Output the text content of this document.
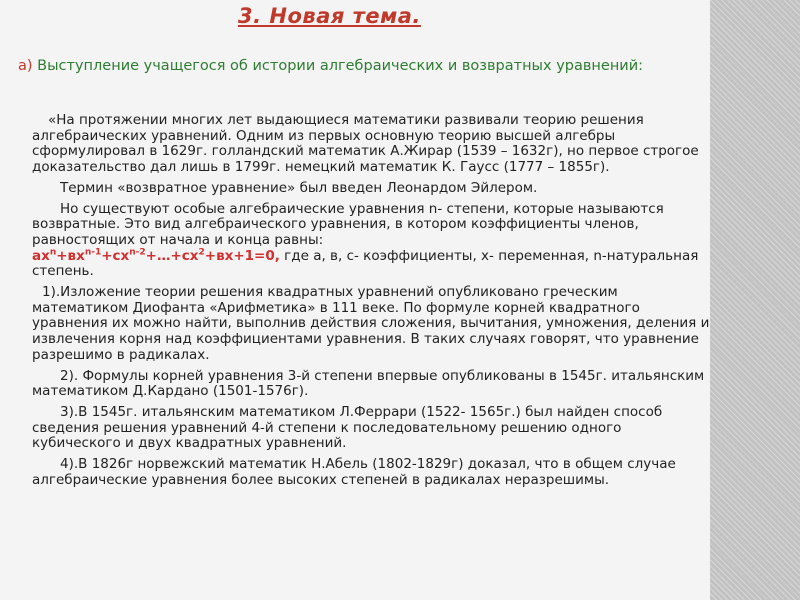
3. Новая тема.
а) Выступление учащегося об истории алгебраических и возвратных уравнений:

«На протяжении многих лет выдающиеся математики развивали теорию решения алгебраических уравнений. Одним из первых основную теорию высшей алгебры сформулировал в 1629г. голландский математик А.Жирар (1539 – 1632г), но первое строгое доказательство дал лишь в 1799г. немецкий математик К. Гаусс (1777 – 1855г).

Термин «возвратное уравнение» был введен Леонардом Эйлером.

Но существуют особые алгебраические уравнения n- степени, которые называются возвратные. Это вид алгебраического уравнения, в котором коэффициенты членов, равностоящих от начала и конца равны:
$ах^n+вх^{n-1}+сх^{n-2}+\dots+сх^2+вх+1=0$, где а, в, с- коэффициенты, х- переменная, n-натуральная степень.

1).Изложение теории решения квадратных уравнений опубликовано греческим математиком Диофанта «Арифметика» в 111 веке. По формуле корней квадратного уравнения их можно найти, выполнив действия сложения, вычитания, умножения, деления и извлечения корня над коэффициентами уравнения. В таких случаях говорят, что уравнение разрешимо в радикалах.

2). Формулы корней уравнения 3-й степени впервые опубликованы в 1545г. итальянским математиком Д.Кардано (1501-1576г).

3).В 1545г. итальянским математиком Л.Феррари (1522- 1565г.) был найден способ сведения решения уравнений 4-й степени к последовательному решению одного кубического и двух квадратных уравнений.

4).В 1826г норвежский математик Н.Абель (1802-1829г) доказал, что в общем случае алгебраические уравнения более высоких степеней в радикалах неразрешимы.
